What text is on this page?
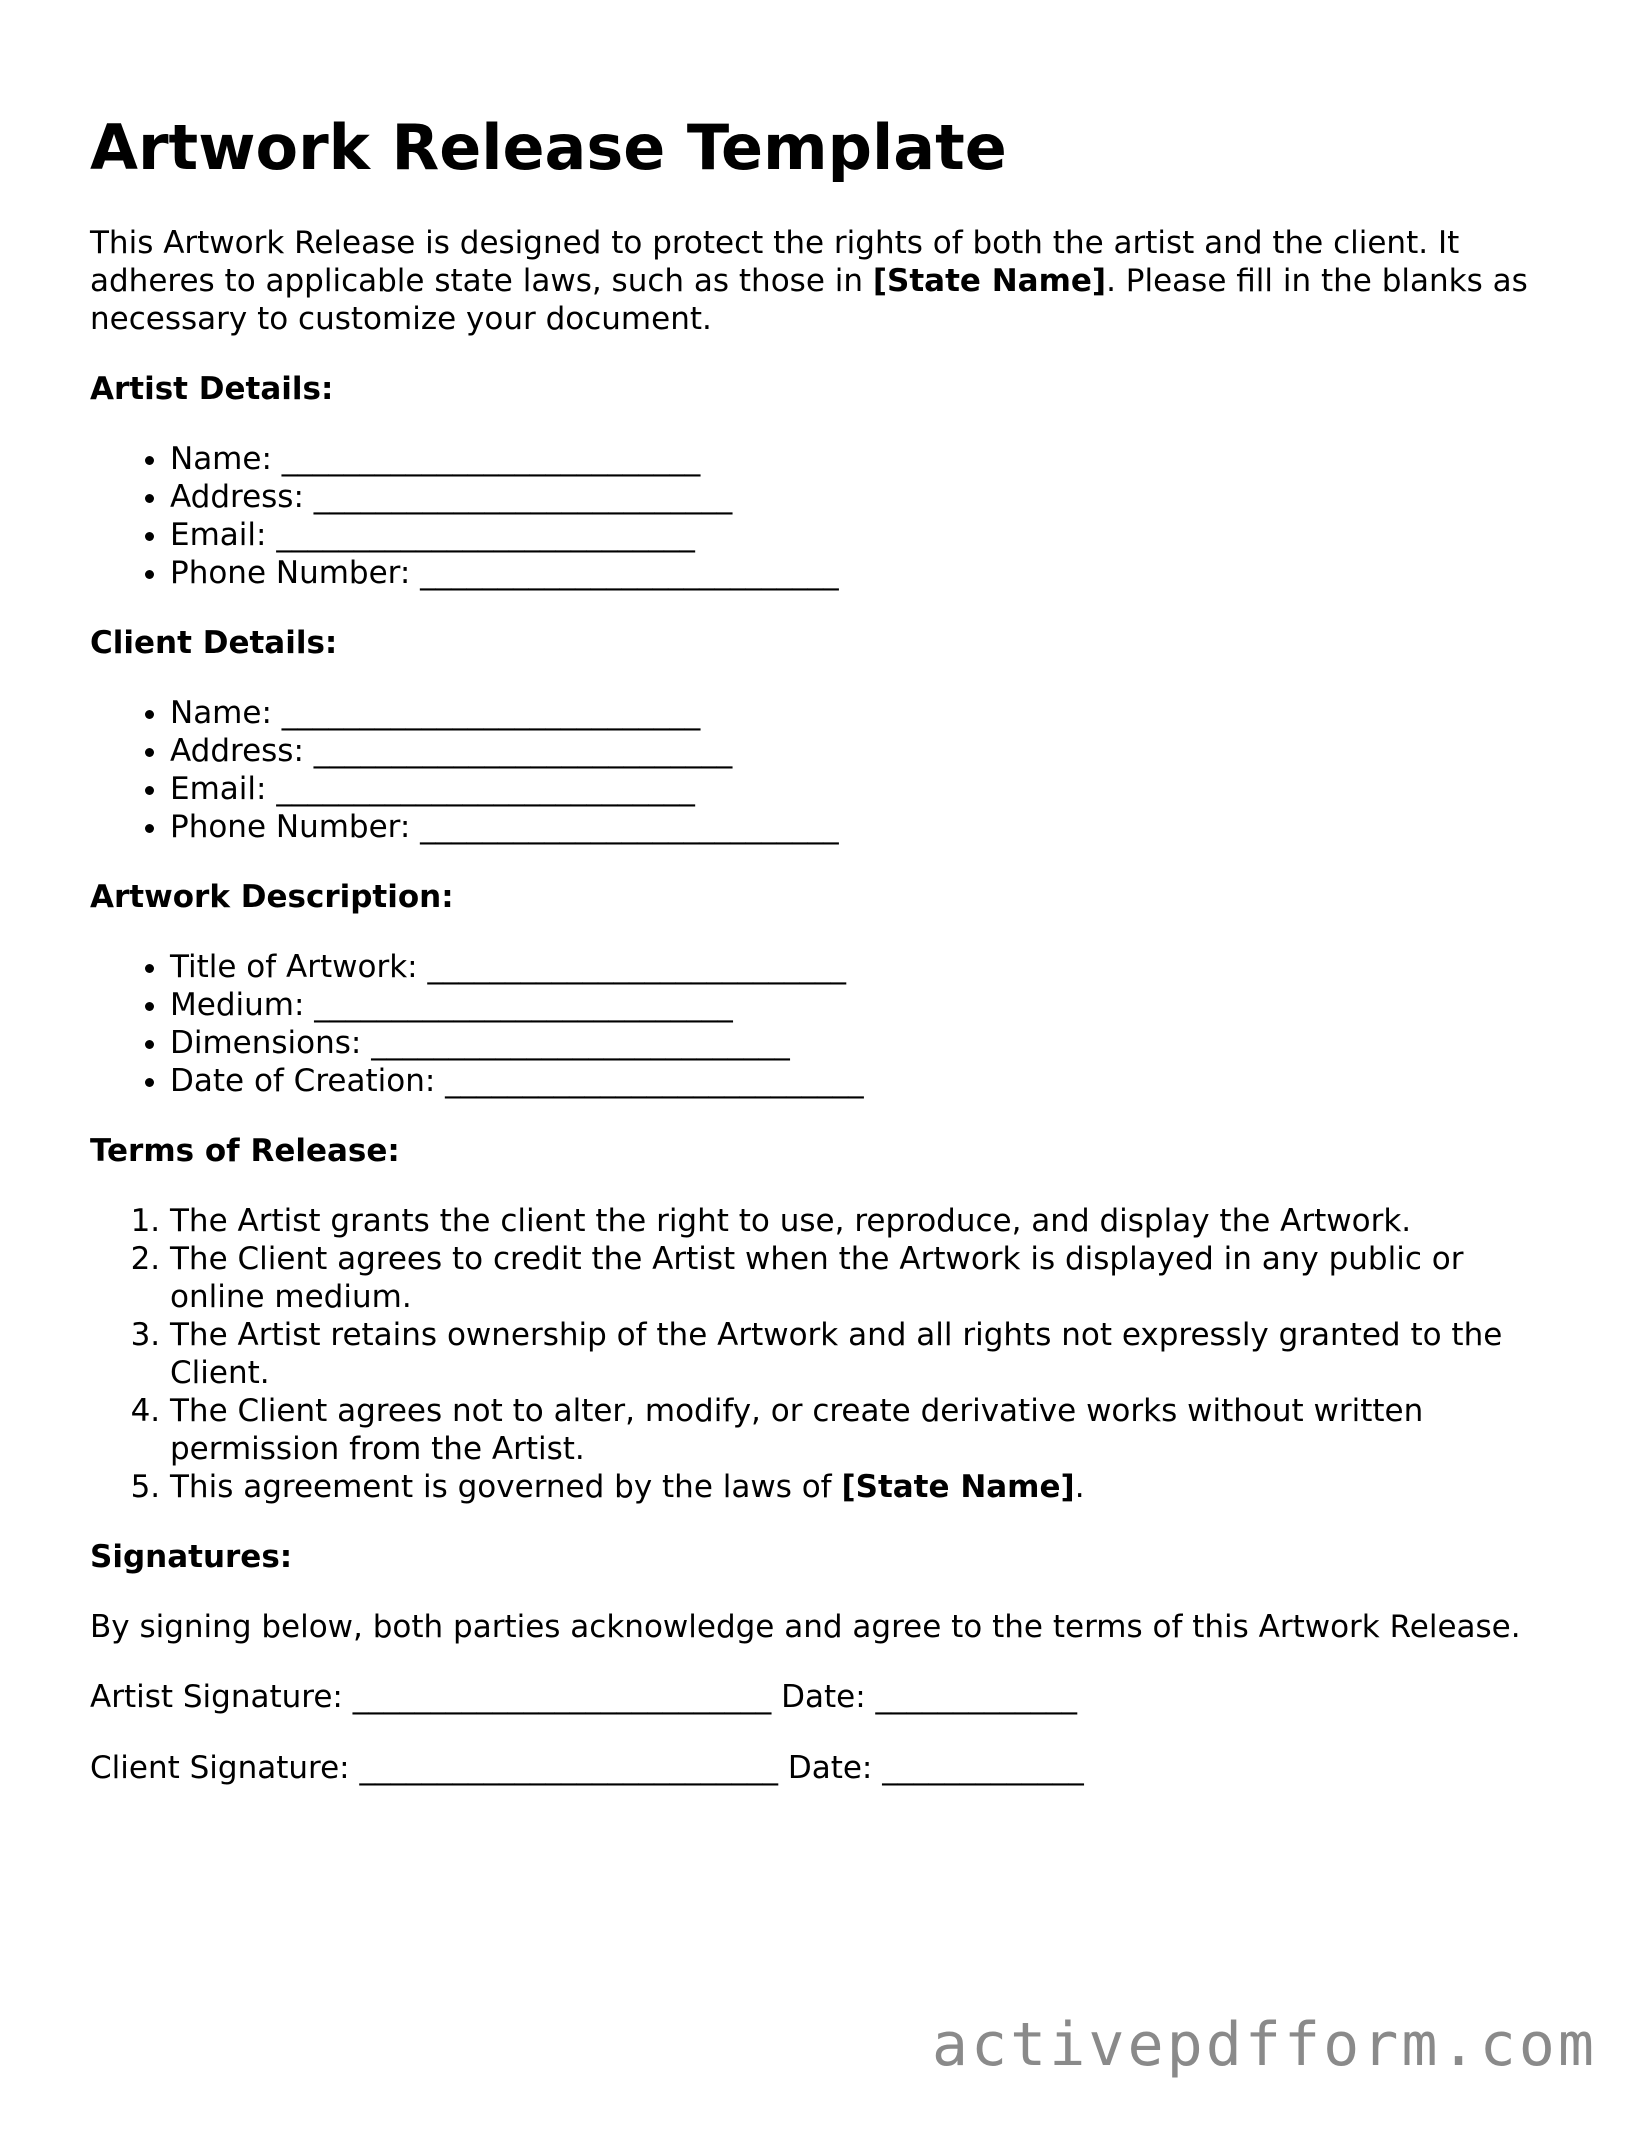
Artwork Release Template

This Artwork Release is designed to protect the rights of both the artist and the client. It adheres to applicable state laws, such as those in [State Name]. Please fill in the blanks as necessary to customize your document.

Artist Details:

• Name: ___________________________
• Address: ___________________________
• Email: ___________________________
• Phone Number: ___________________________

Client Details:

• Name: ___________________________
• Address: ___________________________
• Email: ___________________________
• Phone Number: ___________________________

Artwork Description:

• Title of Artwork: ___________________________
• Medium: ___________________________
• Dimensions: ___________________________
• Date of Creation: ___________________________

Terms of Release:

1. The Artist grants the client the right to use, reproduce, and display the Artwork.
2. The Client agrees to credit the Artist when the Artwork is displayed in any public or online medium.
3. The Artist retains ownership of the Artwork and all rights not expressly granted to the Client.
4. The Client agrees not to alter, modify, or create derivative works without written permission from the Artist.
5. This agreement is governed by the laws of [State Name].

Signatures:

By signing below, both parties acknowledge and agree to the terms of this Artwork Release.

Artist Signature: ___________________________ Date: _____________

Client Signature: ___________________________ Date: _____________

activepdfform.com
